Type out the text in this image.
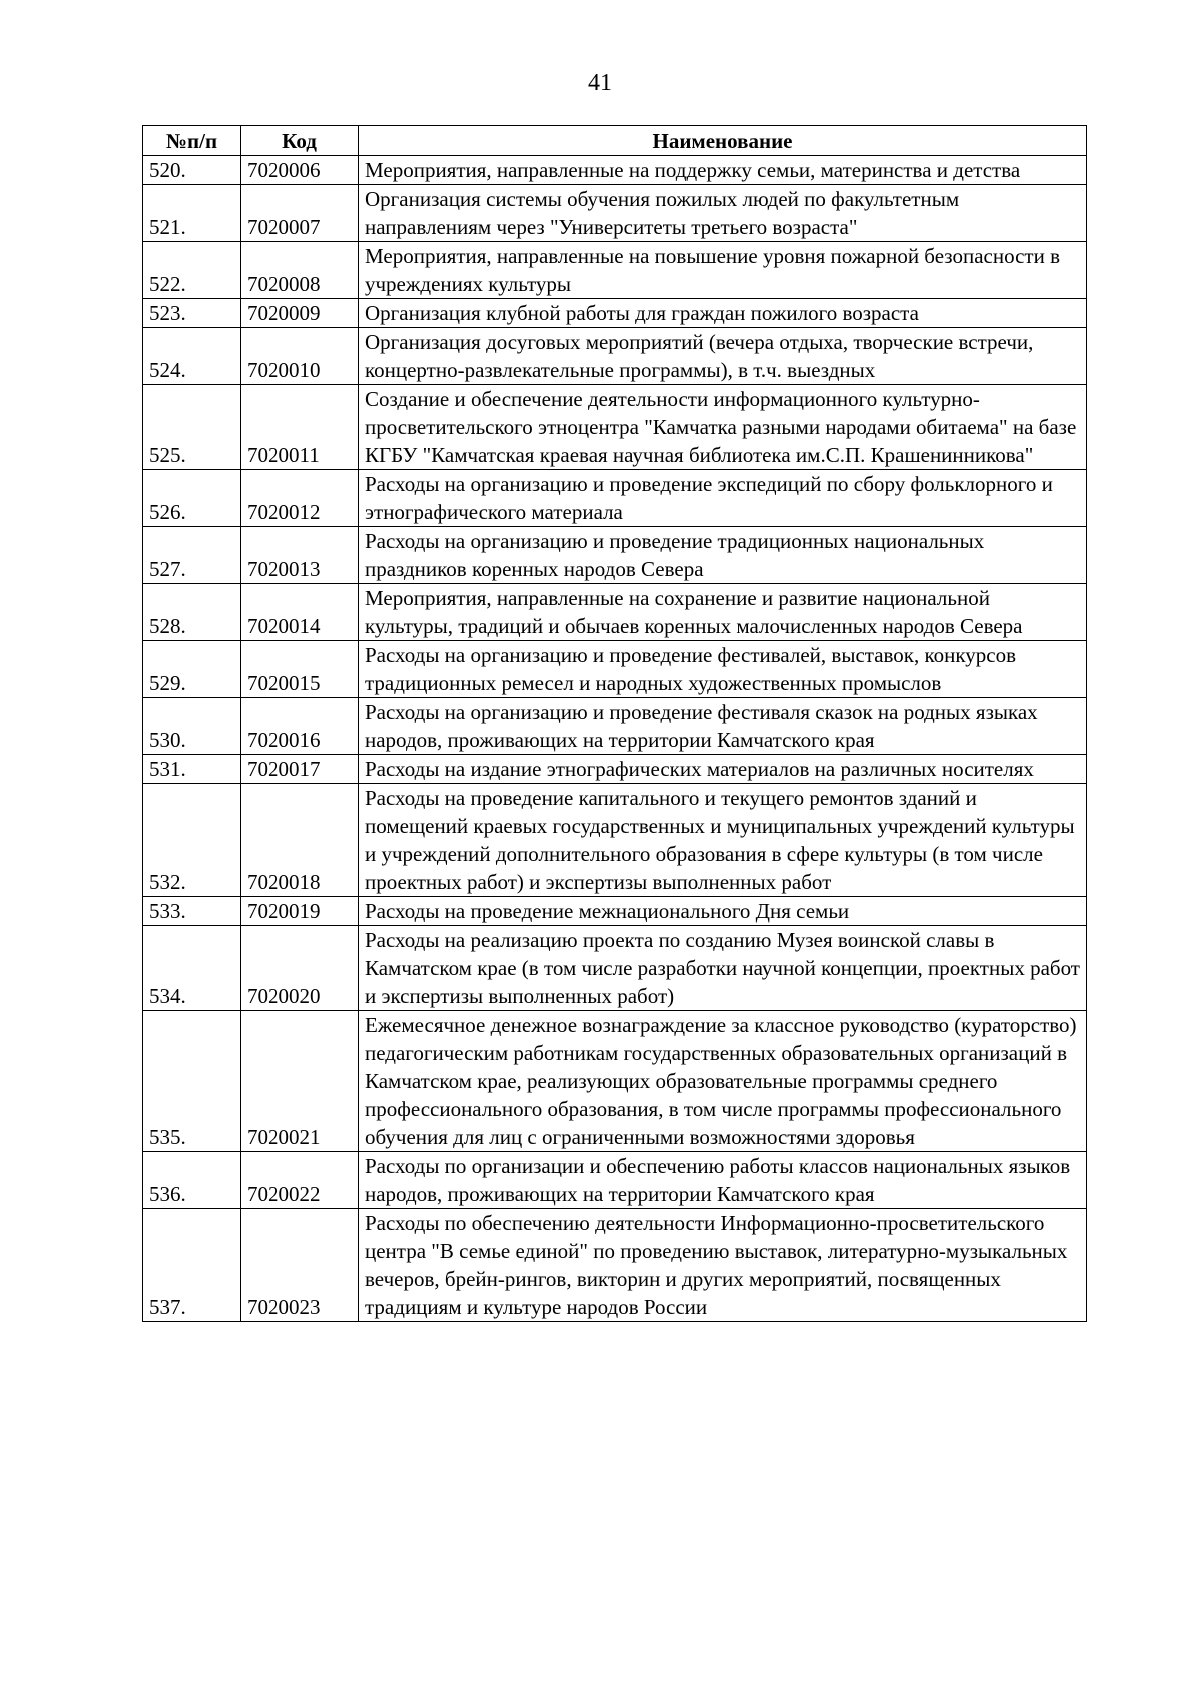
41
№п/п	Код	Наименование
520.	7020006	Мероприятия, направленные на поддержку семьи, материнства и детства
521.	7020007	Организация системы обучения пожилых людей по факультетным направлениям через "Университеты третьего возраста"
522.	7020008	Мероприятия, направленные на повышение уровня пожарной безопасности в учреждениях культуры
523.	7020009	Организация клубной работы для граждан пожилого возраста
524.	7020010	Организация досуговых мероприятий (вечера отдыха, творческие встречи, концертно-развлекательные программы), в т.ч. выездных
525.	7020011	Создание и обеспечение деятельности информационного культурно-просветительского этноцентра "Камчатка разными народами обитаема" на базе КГБУ "Камчатская краевая научная библиотека им.С.П. Крашенинникова"
526.	7020012	Расходы на организацию и проведение экспедиций по сбору фольклорного и этнографического материала
527.	7020013	Расходы на организацию и проведение традиционных национальных праздников коренных народов Севера
528.	7020014	Мероприятия, направленные на сохранение и развитие национальной культуры, традиций и обычаев коренных малочисленных народов Севера
529.	7020015	Расходы на организацию и проведение фестивалей, выставок, конкурсов традиционных ремесел и народных художественных промыслов
530.	7020016	Расходы на организацию и проведение фестиваля сказок на родных языках народов, проживающих на территории Камчатского края
531.	7020017	Расходы на издание этнографических материалов на различных носителях
532.	7020018	Расходы на проведение капитального и текущего ремонтов зданий и помещений краевых государственных и муниципальных учреждений культуры и учреждений дополнительного образования в сфере культуры (в том числе проектных работ) и экспертизы выполненных работ
533.	7020019	Расходы на проведение межнационального Дня семьи
534.	7020020	Расходы на реализацию проекта по созданию Музея воинской славы в Камчатском крае (в том числе разработки научной концепции, проектных работ и экспертизы выполненных работ)
535.	7020021	Ежемесячное денежное вознаграждение за классное руководство (кураторство) педагогическим работникам государственных образовательных организаций в Камчатском крае, реализующих образовательные программы среднего профессионального образования, в том числе программы профессионального обучения для лиц с ограниченными возможностями здоровья
536.	7020022	Расходы по организации и обеспечению работы классов национальных языков народов, проживающих на территории Камчатского края
537.	7020023	Расходы по обеспечению деятельности Информационно-просветительского центра "В семье единой" по проведению выставок, литературно-музыкальных вечеров, брейн-рингов, викторин и других мероприятий, посвященных традициям и культуре народов России
